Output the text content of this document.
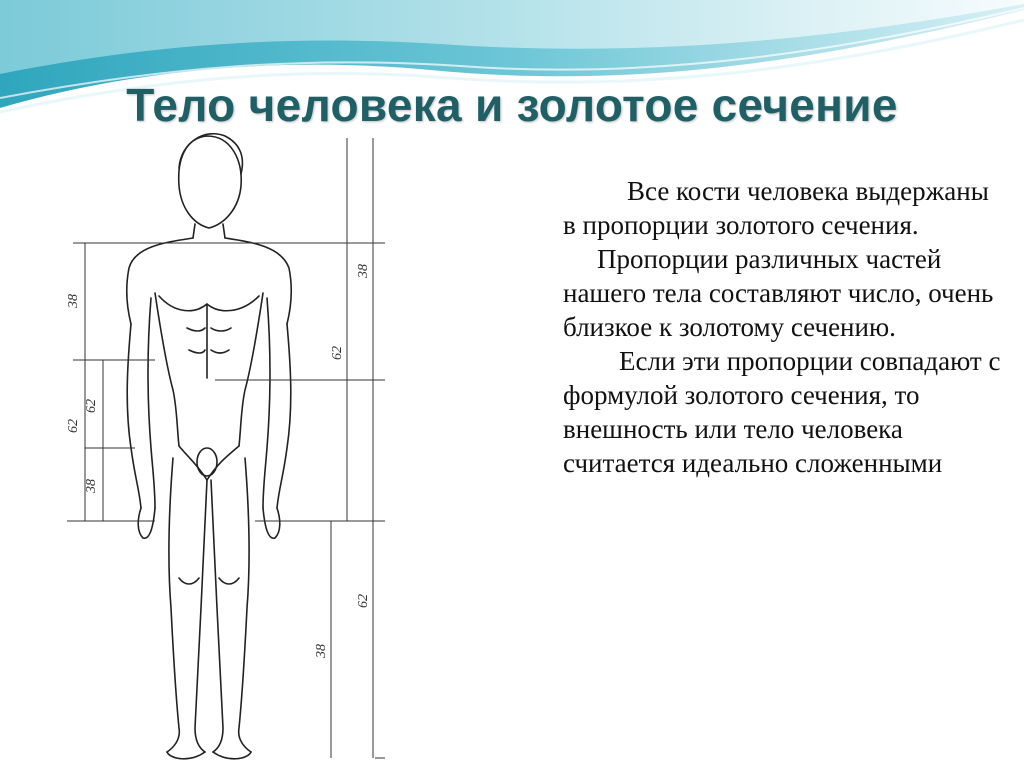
Тело человека и золотое сечение
38
62
38
62
62
38
62
38

Все кости человека выдержаны в пропорции золотого сечения.

Пропорции различных частей нашего тела составляют число, очень близкое к золотому сечению.

Если эти пропорции совпадают с формулой золотого сечения, то внешность или тело человека считается идеально сложенными
